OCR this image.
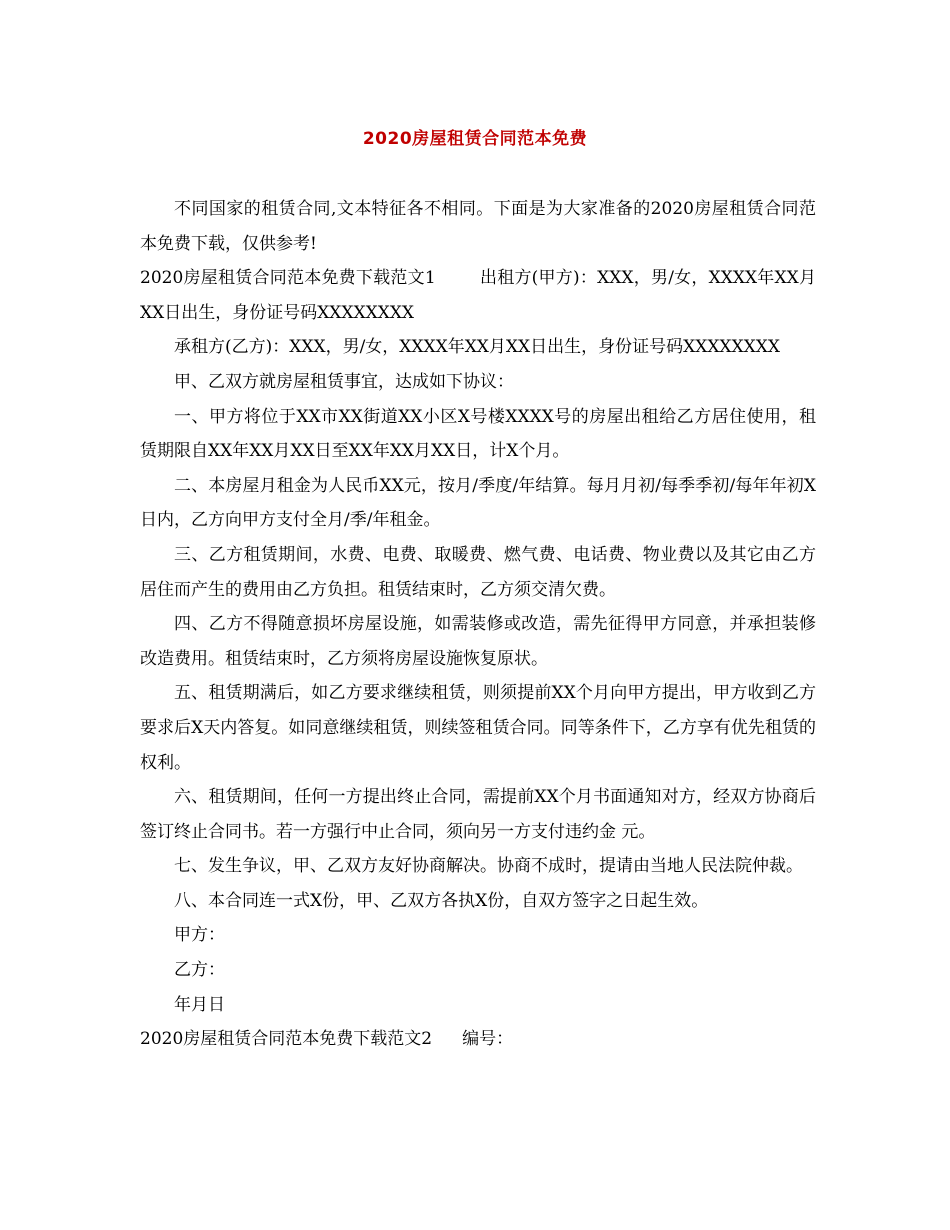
2020房屋租赁合同范本免费

不同国家的租赁合同,文本特征各不相同。下面是为大家准备的2020房屋租赁合同范本免费下载，仅供参考!

2020房屋租赁合同范本免费下载范文1	出租方(甲方)：XXX，男/女，XXXX年XX月XX日出生，身份证号码XXXXXXXX

承租方(乙方)：XXX，男/女，XXXX年XX月XX日出生，身份证号码XXXXXXXX

甲、乙双方就房屋租赁事宜，达成如下协议：

一、甲方将位于XX市XX街道XX小区X号楼XXXX号的房屋出租给乙方居住使用，租赁期限自XX年XX月XX日至XX年XX月XX日，计X个月。

二、本房屋月租金为人民币XX元，按月/季度/年结算。每月月初/每季季初/每年年初X日内，乙方向甲方支付全月/季/年租金。

三、乙方租赁期间，水费、电费、取暖费、燃气费、电话费、物业费以及其它由乙方居住而产生的费用由乙方负担。租赁结束时，乙方须交清欠费。

四、乙方不得随意损坏房屋设施，如需装修或改造，需先征得甲方同意，并承担装修改造费用。租赁结束时，乙方须将房屋设施恢复原状。

五、租赁期满后，如乙方要求继续租赁，则须提前XX个月向甲方提出，甲方收到乙方要求后X天内答复。如同意继续租赁，则续签租赁合同。同等条件下，乙方享有优先租赁的权利。

六、租赁期间，任何一方提出终止合同，需提前XX个月书面通知对方，经双方协商后签订终止合同书。若一方强行中止合同，须向另一方支付违约金 元。

七、发生争议，甲、乙双方友好协商解决。协商不成时，提请由当地人民法院仲裁。

八、本合同连一式X份，甲、乙双方各执X份，自双方签字之日起生效。

甲方：

乙方：

年月日

2020房屋租赁合同范本免费下载范文2 编号：
